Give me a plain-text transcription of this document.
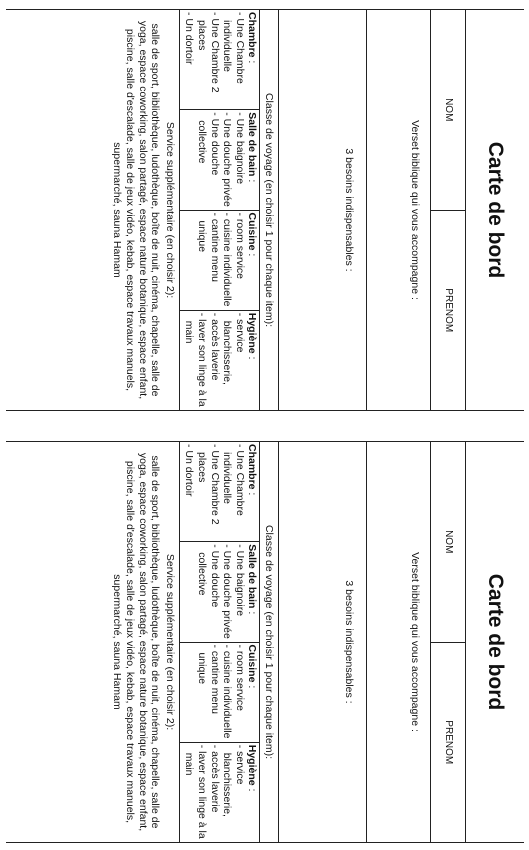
Carte de bord
NOM
PRENOM
Verset biblique qui vous accompagne :
3 besoins indispensables :
Classe de voyage (en choisir 1 pour chaque item):
Chambre :
- Une Chambre individuelle
- Une Chambre 2 places
- Un dortoir
Salle de bain :
- Une baignoire
- Une douche privée
- Une douche collective
Cuisine :
- room service
- cuisine individuelle
- cantine menu unique
Hygiène :
- service blanchisserie,
- accès laverie
- laver son linge à la main
Service supplémentaire (en choisir 2):
salle de sport, bibliothèque, ludothèque, boîte de nuit, cinéma, chapelle, salle de yoga, espace coworking, salon partagé, espace nature botanique, espace enfant, piscine, salle d'escalade, salle de jeux vidéo, kebab, espace travaux manuels, supermarché, sauna Hamam
Carte de bord
NOM
PRENOM
Verset biblique qui vous accompagne :
3 besoins indispensables :
Classe de voyage (en choisir 1 pour chaque item):
Chambre :
- Une Chambre individuelle
- Une Chambre 2 places
- Un dortoir
Salle de bain :
- Une baignoire
- Une douche privée
- Une douche collective
Cuisine :
- room service
- cuisine individuelle
- cantine menu unique
Hygiène :
- service blanchisserie,
- accès laverie
- laver son linge à la main
Service supplémentaire (en choisir 2):
salle de sport, bibliothèque, ludothèque, boîte de nuit, cinéma, chapelle, salle de yoga, espace coworking, salon partagé, espace nature botanique, espace enfant, piscine, salle d'escalade, salle de jeux vidéo, kebab, espace travaux manuels, supermarché, sauna Hamam
